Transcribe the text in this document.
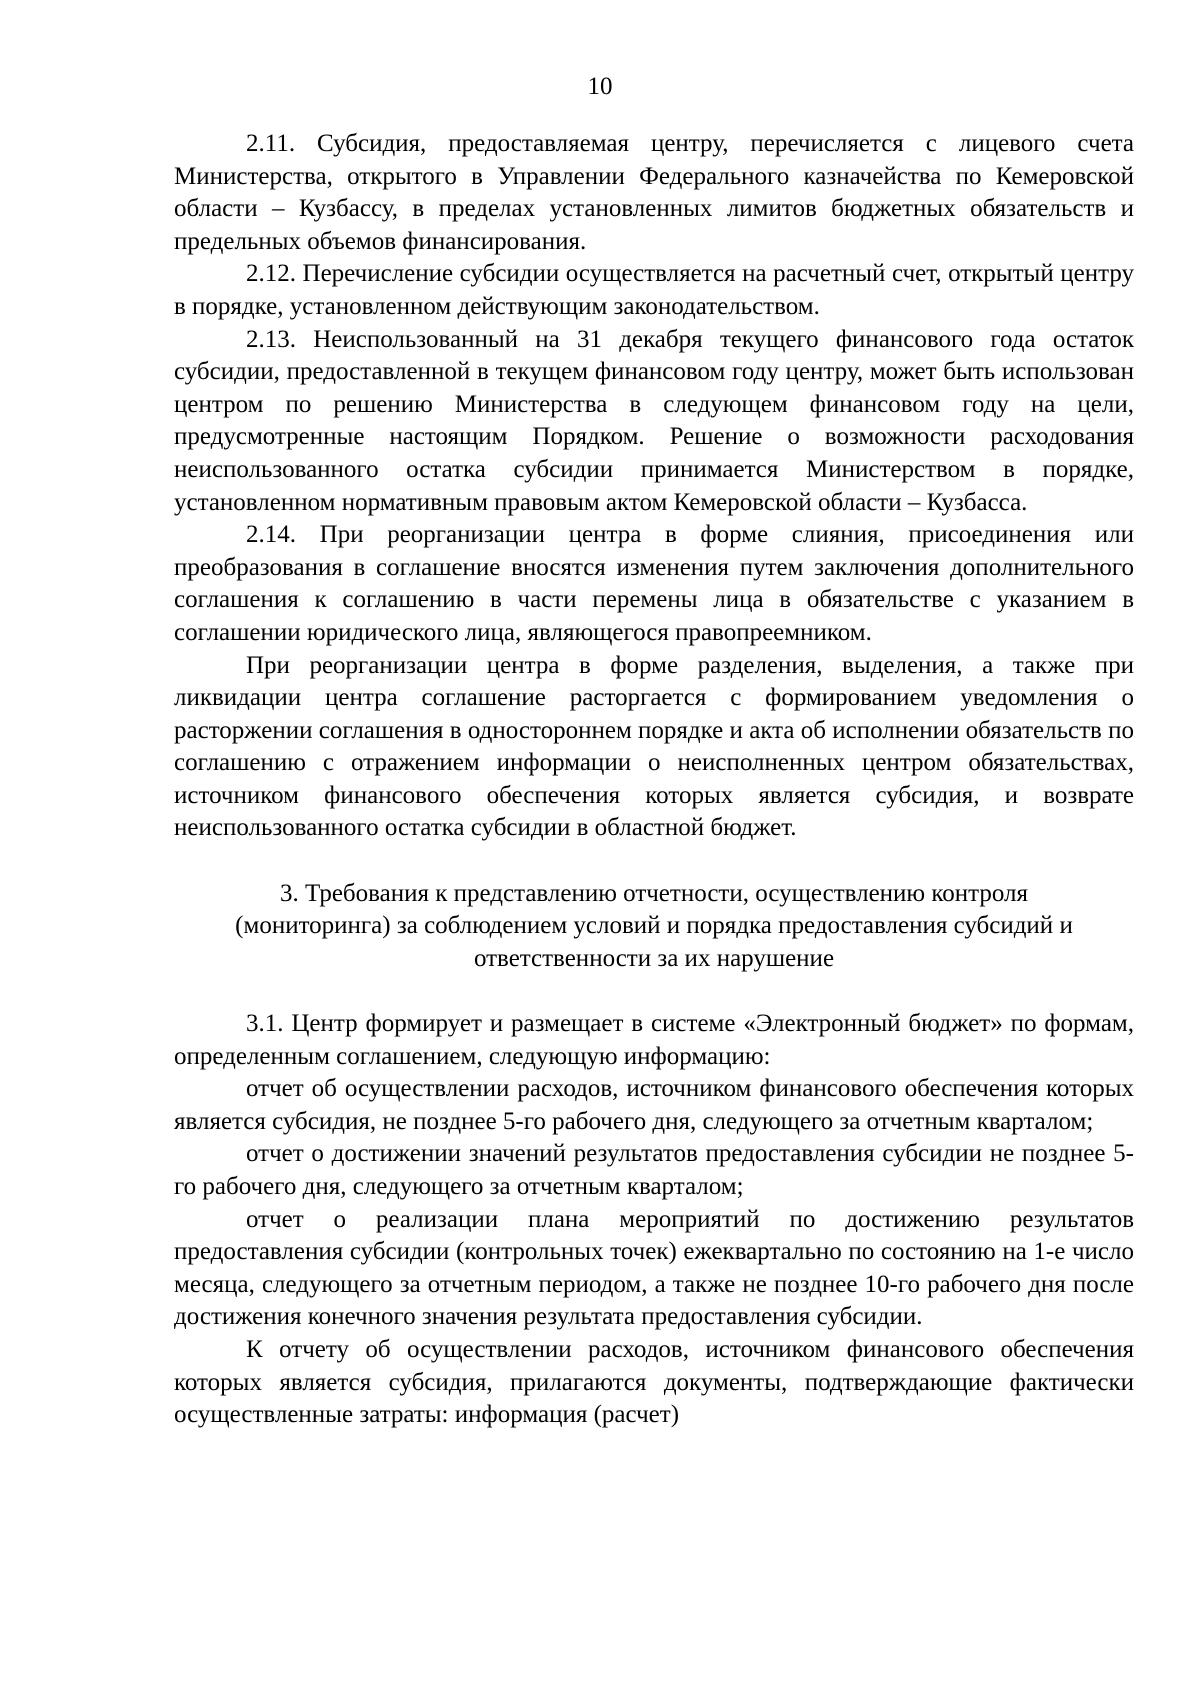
10

2.11. Субсидия, предоставляемая центру, перечисляется с лицевого счета Министерства, открытого в Управлении Федерального казначейства по Кемеровской области – Кузбассу, в пределах установленных лимитов бюджетных обязательств и предельных объемов финансирования.

2.12. Перечисление субсидии осуществляется на расчетный счет, открытый центру в порядке, установленном действующим законодательством.

2.13. Неиспользованный на 31 декабря текущего финансового года остаток субсидии, предоставленной в текущем финансовом году центру, может быть использован центром по решению Министерства в следующем финансовом году на цели, предусмотренные настоящим Порядком. Решение о возможности расходования неиспользованного остатка субсидии принимается Министерством в порядке, установленном нормативным правовым актом Кемеровской области – Кузбасса.

2.14. При реорганизации центра в форме слияния, присоединения или преобразования в соглашение вносятся изменения путем заключения дополнительного соглашения к соглашению в части перемены лица в обязательстве с указанием в соглашении юридического лица, являющегося правопреемником.

При реорганизации центра в форме разделения, выделения, а также при ликвидации центра соглашение расторгается с формированием уведомления о расторжении соглашения в одностороннем порядке и акта об исполнении обязательств по соглашению с отражением информации о неисполненных центром обязательствах, источником финансового обеспечения которых является субсидия, и возврате неиспользованного остатка субсидии в областной бюджет.

3. Требования к представлению отчетности, осуществлению контроля
(мониторинга) за соблюдением условий и порядка предоставления субсидий и
ответственности за их нарушение

3.1. Центр формирует и размещает в системе «Электронный бюджет» по формам, определенным соглашением, следующую информацию:

отчет об осуществлении расходов, источником финансового обеспечения которых является субсидия, не позднее 5-го рабочего дня, следующего за отчетным кварталом;

отчет о достижении значений результатов предоставления субсидии не позднее 5-го рабочего дня, следующего за отчетным кварталом;

отчет о реализации плана мероприятий по достижению результатов предоставления субсидии (контрольных точек) ежеквартально по состоянию на 1-е число месяца, следующего за отчетным периодом, а также не позднее 10-го рабочего дня после достижения конечного значения результата предоставления субсидии.

К отчету об осуществлении расходов, источником финансового обеспечения которых является субсидия, прилагаются документы, подтверждающие фактически осуществленные затраты: информация (расчет)
